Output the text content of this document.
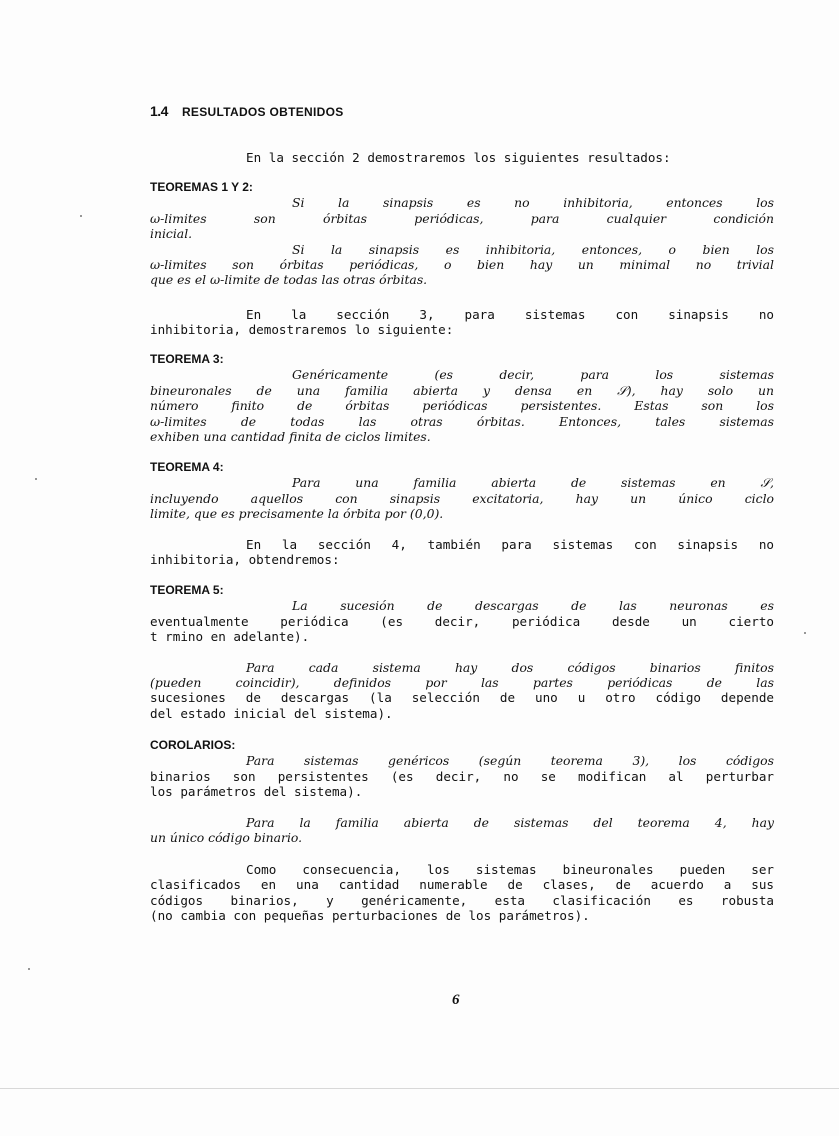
1.4 RESULTADOS OBTENIDOS
En la sección 2 demostraremos los siguientes resultados:
TEOREMAS 1 Y 2:
Si la sinapsis es no inhibitoria, entonces los
ω-limites son órbitas periódicas, para cualquier condición
inicial.
Si la sinapsis es inhibitoria, entonces, o bien los
ω-limites son órbitas periódicas, o bien hay un minimal no trivial
que es el ω-limite de todas las otras órbitas.
En la sección 3, para sistemas con sinapsis no
inhibitoria, demostraremos lo siguiente:
TEOREMA 3:
Genéricamente (es decir, para los sistemas
bineuronales de una familia abierta y densa en 𝒮), hay solo un
número finito de órbitas periódicas persistentes. Estas son los
ω-limites de todas las otras órbitas. Entonces, tales sistemas
exhiben una cantidad finita de ciclos limites.
TEOREMA 4:
Para una familia abierta de sistemas en 𝒮,
incluyendo aquellos con sinapsis excitatoria, hay un único ciclo
limite, que es precisamente la órbita por (0,0).
En la sección 4, también para sistemas con sinapsis no
inhibitoria, obtendremos:
TEOREMA 5:
La sucesión de descargas de las neuronas es
eventualmente periódica (es decir, periódica desde un cierto
t rmino en adelante).
Para cada sistema hay dos códigos binarios finitos
(pueden coincidir), definidos por las partes periódicas de las
sucesiones de descargas (la selección de uno u otro código depende
del estado inicial del sistema).
COROLARIOS:
Para sistemas genéricos (según teorema 3), los códigos
binarios son persistentes (es decir, no se modifican al perturbar
los parámetros del sistema).
Para la familia abierta de sistemas del teorema 4, hay
un único código binario.
Como consecuencia, los sistemas bineuronales pueden ser
clasificados en una cantidad numerable de clases, de acuerdo a sus
códigos binarios, y genéricamente, esta clasificación es robusta
(no cambia con pequeñas perturbaciones de los parámetros).
6
